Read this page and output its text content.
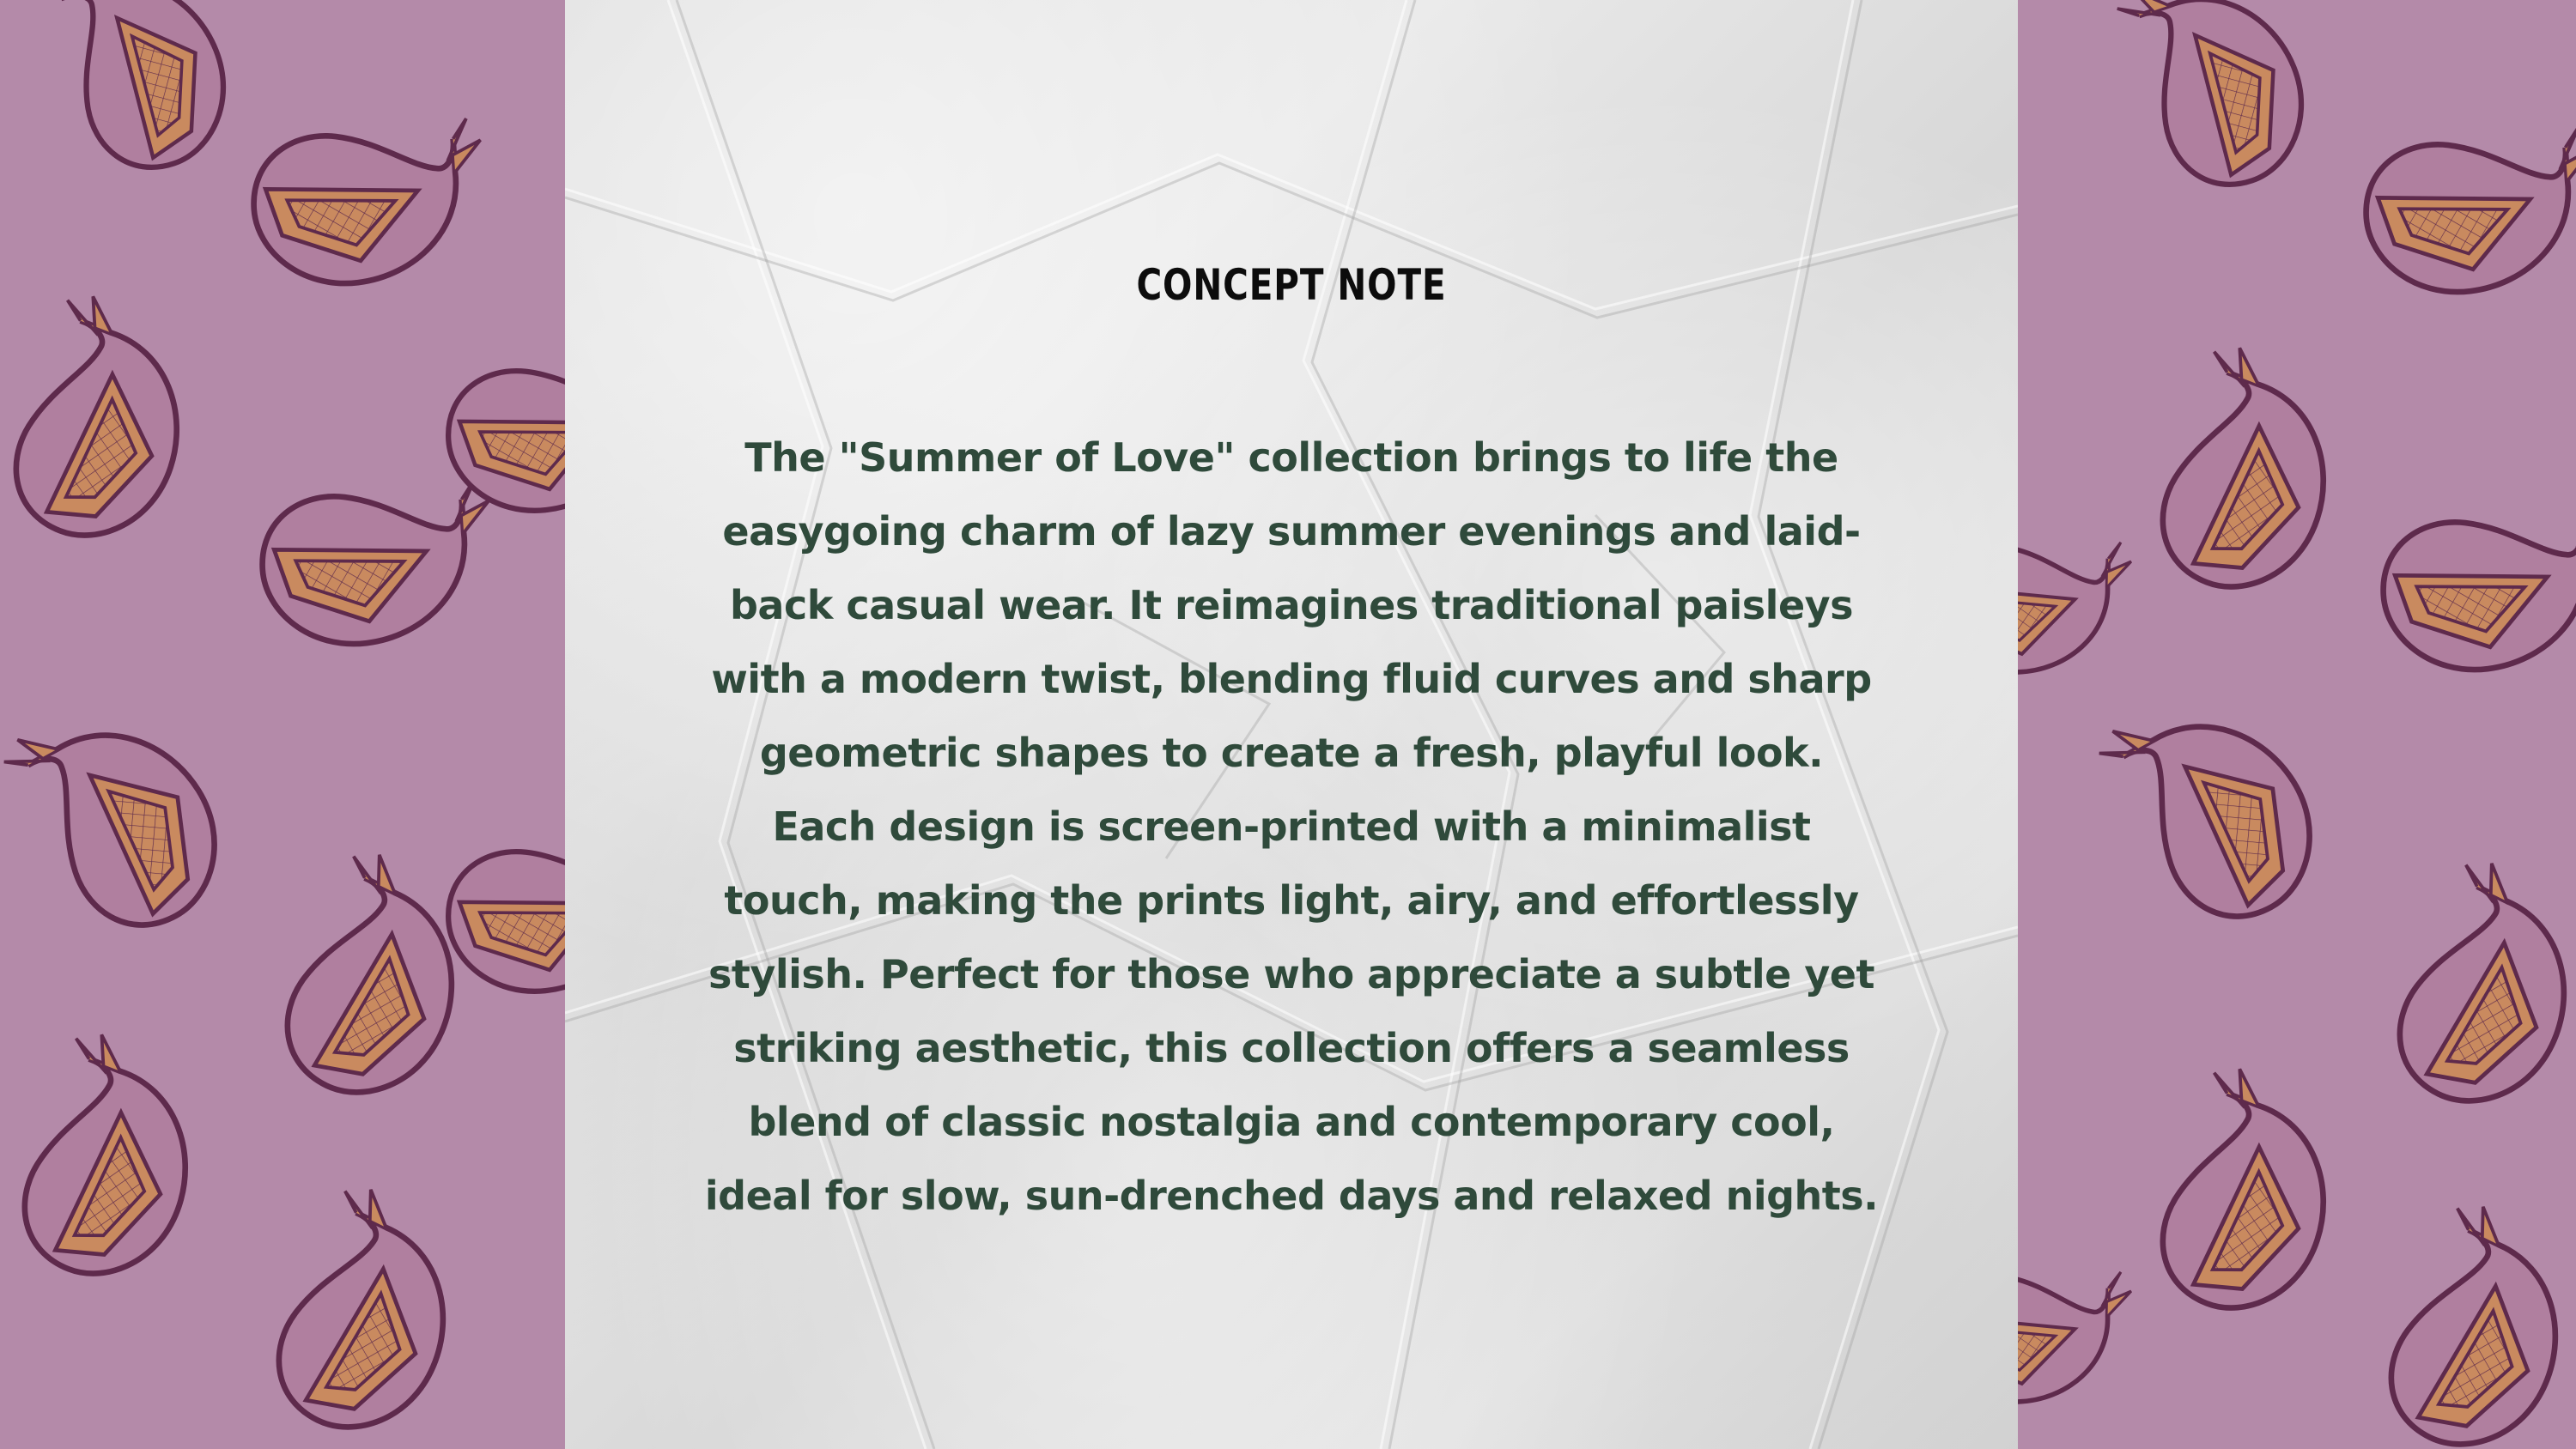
CONCEPT NOTE
The "Summer of Love" collection brings to life the easygoing charm of lazy summer evenings and laid-back casual wear. It reimagines traditional paisleys with a modern twist, blending fluid curves and sharp geometric shapes to create a fresh, playful look. Each design is screen-printed with a minimalist touch, making the prints light, airy, and effortlessly stylish. Perfect for those who appreciate a subtle yet striking aesthetic, this collection offers a seamless blend of classic nostalgia and contemporary cool, ideal for slow, sun-drenched days and relaxed nights.
